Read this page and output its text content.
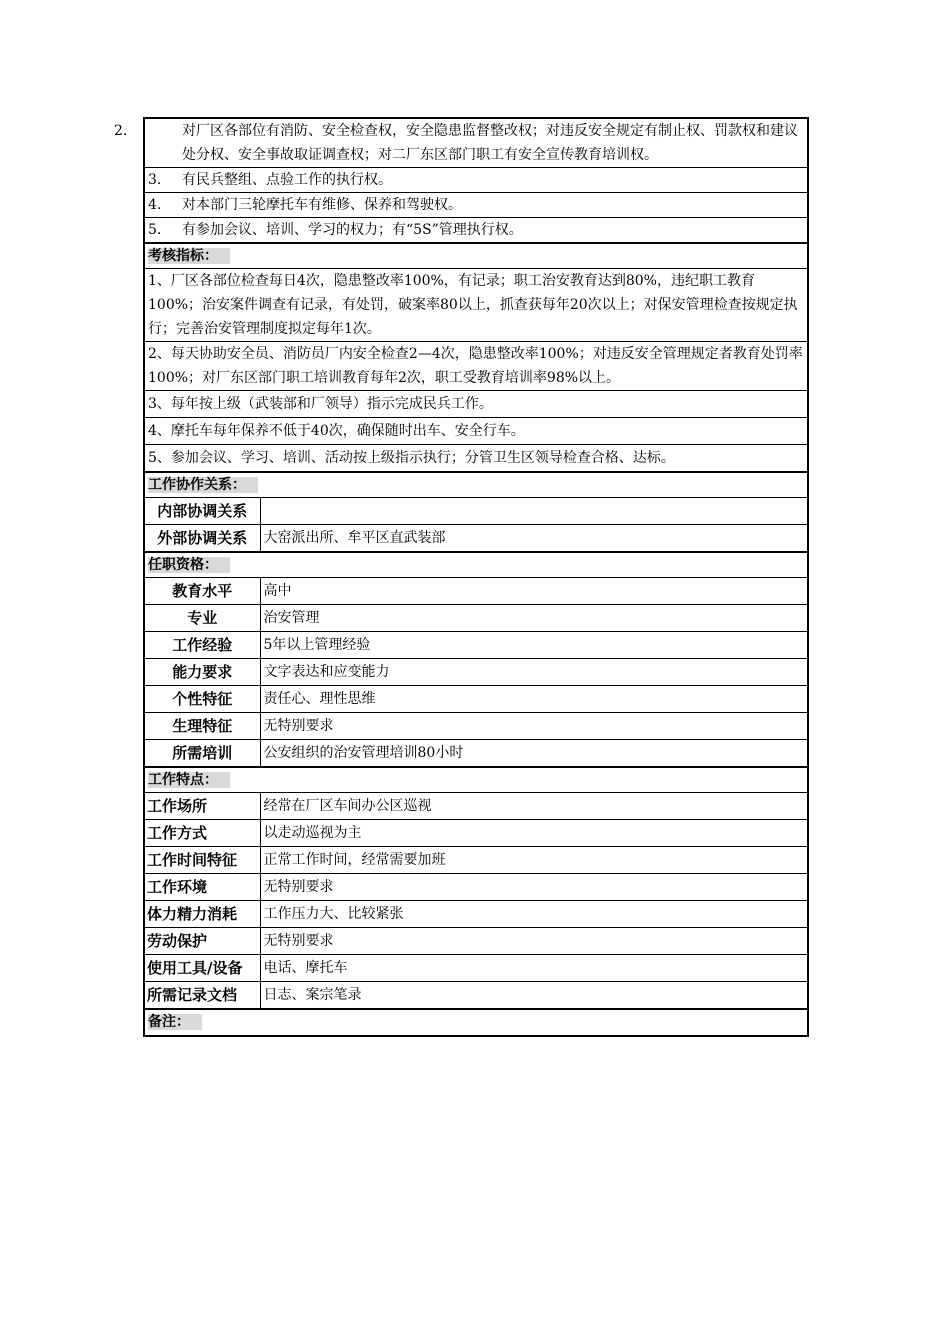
2. 对厂区各部位有消防、安全检查权，安全隐患监督整改权；对违反安全规定有制止权、罚款权和建议处分权、安全事故取证调查权；对二厂东区部门职工有安全宣传教育培训权。	
3. 有民兵整组、点验工作的执行权。	
4. 对本部门三轮摩托车有维修、保养和驾驶权。	
5. 有参加会议、培训、学习的权力；有“5S”管理执行权。	
考核指标：	
1、厂区各部位检查每日4次，隐患整改率100%，有记录；职工治安教育达到80%，违纪职工教育100%；治安案件调查有记录，有处罚，破案率80以上，抓查获每年20次以上；对保安管理检查按规定执行；完善治安管理制度拟定每年1次。	
2、每天协助安全员、消防员厂内安全检查2—4次，隐患整改率100%；对违反安全管理规定者教育处罚率100%；对厂东区部门职工培训教育每年2次，职工受教育培训率98%以上。	
3、每年按上级（武装部和厂领导）指示完成民兵工作。	
4、摩托车每年保养不低于40次，确保随时出车、安全行车。	
5、参加会议、学习、培训、活动按上级指示执行；分管卫生区领导检查合格、达标。	
工作协作关系：	
内部协调关系	
外部协调关系	大窑派出所、牟平区直武装部
任职资格：	
教育水平	高中
专业	治安管理
工作经验	5年以上管理经验
能力要求	文字表达和应变能力
个性特征	责任心、理性思维
生理特征	无特别要求
所需培训	公安组织的治安管理培训80小时
工作特点：	
工作场所	经常在厂区车间办公区巡视
工作方式	以走动巡视为主
工作时间特征	正常工作时间，经常需要加班
工作环境	无特别要求
体力精力消耗	工作压力大、比较紧张
劳动保护	无特别要求
使用工具/设备	电话、摩托车
所需记录文档	日志、案宗笔录
备注：	
